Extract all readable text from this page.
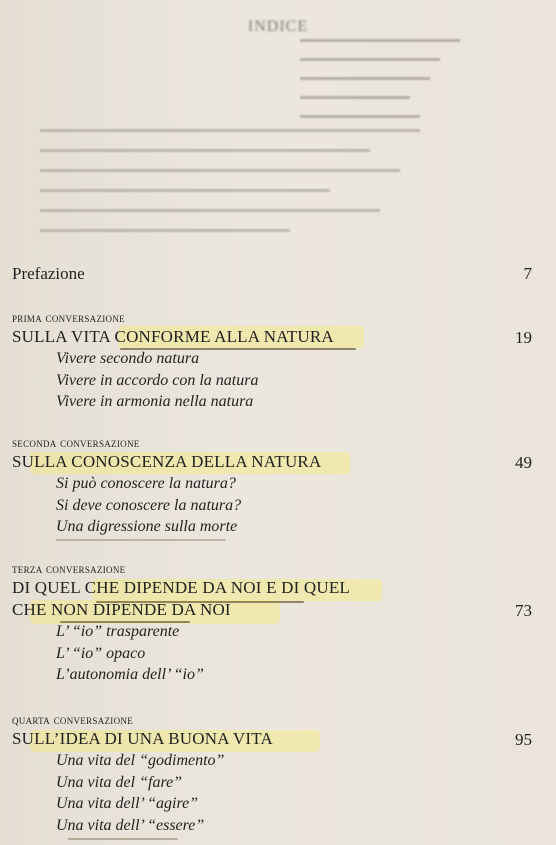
INDICE
▬▬▬▬▬▬▬▬▬▬▬▬▬▬▬▬
▬▬▬▬▬▬▬▬▬▬▬▬▬▬
▬▬▬▬▬▬▬▬▬▬▬▬▬
▬▬▬▬▬▬▬▬▬▬▬
▬▬▬▬▬▬▬▬▬▬▬▬
▬▬▬▬▬▬▬▬▬▬▬▬▬▬▬▬▬▬▬▬▬▬▬▬▬▬▬▬▬▬▬▬▬▬▬▬▬▬
▬▬▬▬▬▬▬▬▬▬▬▬▬▬▬▬▬▬▬▬▬▬▬▬▬▬▬▬▬▬▬▬▬
▬▬▬▬▬▬▬▬▬▬▬▬▬▬▬▬▬▬▬▬▬▬▬▬▬▬▬▬▬▬▬▬▬▬▬▬
▬▬▬▬▬▬▬▬▬▬▬▬▬▬▬▬▬▬▬▬▬▬▬▬▬▬▬▬▬
▬▬▬▬▬▬▬▬▬▬▬▬▬▬▬▬▬▬▬▬▬▬▬▬▬▬▬▬▬▬▬▬▬▬
▬▬▬▬▬▬▬▬▬▬▬▬▬▬▬▬▬▬▬▬▬▬▬▬▬
Prefazione	7
prima conversazione
SULLA VITA CONFORME ALLA NATURA	19
Vivere secondo natura
Vivere in accordo con la natura
Vivere in armonia nella natura
seconda conversazione
SULLA CONOSCENZA DELLA NATURA	49
Si può conoscere la natura?
Si deve conoscere la natura?
Una digressione sulla morte
terza conversazione
DI QUEL CHE DIPENDE DA NOI E DI QUEL
CHE NON DIPENDE DA NOI	73
L’ “io” trasparente
L’ “io” opaco
L’autonomia dell’ “io”
quarta conversazione
SULL’IDEA DI UNA BUONA VITA	95
Una vita del “godimento”
Una vita del “fare”
Una vita dell’ “agire”
Una vita dell’ “essere”
